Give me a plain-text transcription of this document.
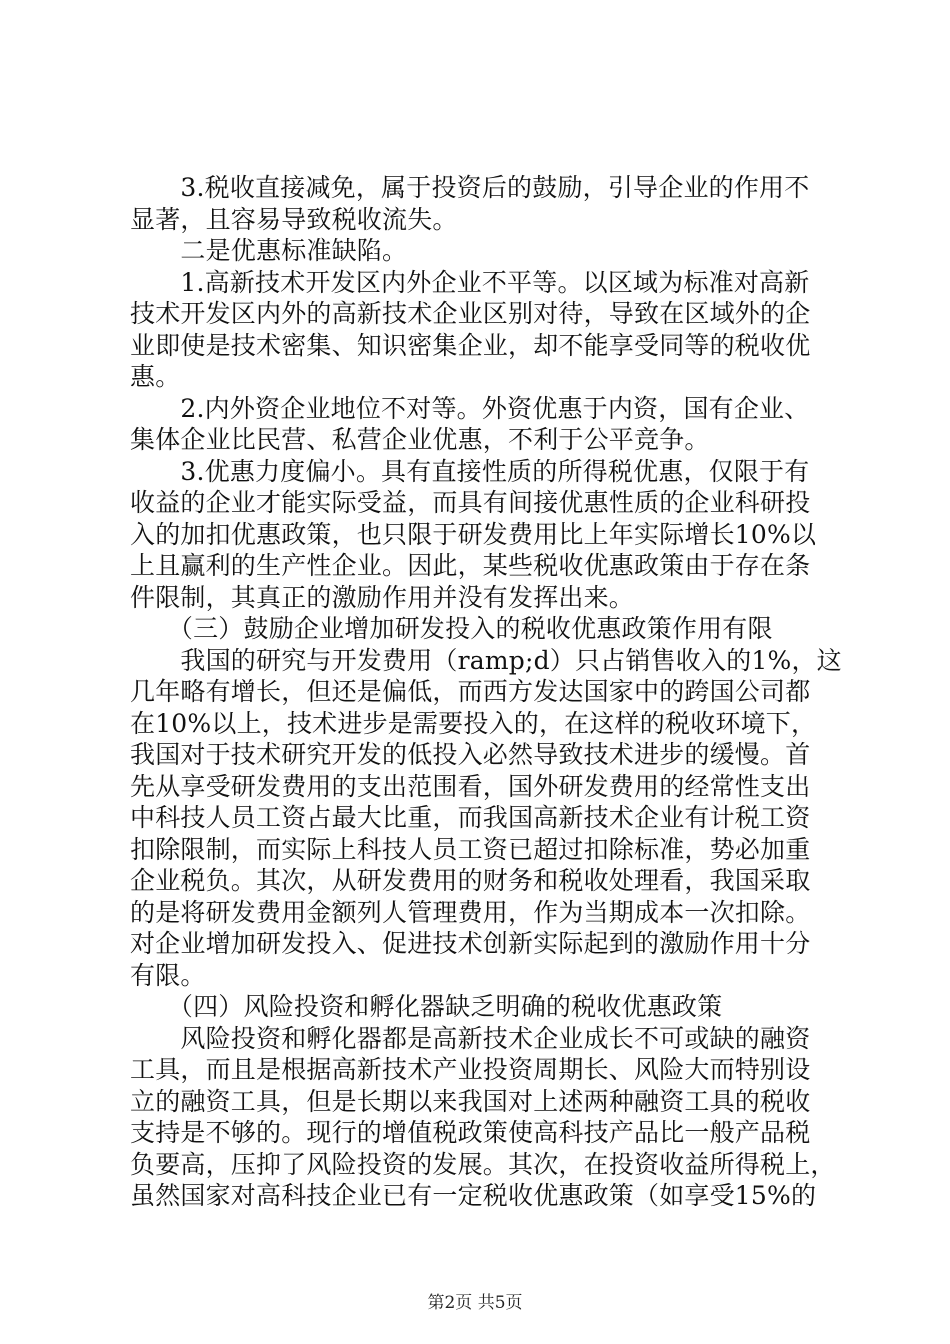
　　3.税收直接减免，属于投资后的鼓励，引导企业的作用不
显著，且容易导致税收流失。
　　二是优惠标准缺陷。
　　1.高新技术开发区内外企业不平等。以区域为标准对高新
技术开发区内外的高新技术企业区别对待，导致在区域外的企
业即使是技术密集、知识密集企业，却不能享受同等的税收优
惠。
　　2.内外资企业地位不对等。外资优惠于内资，国有企业、
集体企业比民营、私营企业优惠，不利于公平竞争。
　　3.优惠力度偏小。具有直接性质的所得税优惠，仅限于有
收益的企业才能实际受益，而具有间接优惠性质的企业科研投
入的加扣优惠政策，也只限于研发费用比上年实际增长10%以
上且赢利的生产性企业。因此，某些税收优惠政策由于存在条
件限制，其真正的激励作用并没有发挥出来。
　　（三）鼓励企业增加研发投入的税收优惠政策作用有限
　　我国的研究与开发费用（ramp;d）只占销售收入的1%，这
几年略有增长，但还是偏低，而西方发达国家中的跨国公司都
在10%以上，技术进步是需要投入的，在这样的税收环境下，
我国对于技术研究开发的低投入必然导致技术进步的缓慢。首
先从享受研发费用的支出范围看，国外研发费用的经常性支出
中科技人员工资占最大比重，而我国高新技术企业有计税工资
扣除限制，而实际上科技人员工资已超过扣除标准，势必加重
企业税负。其次，从研发费用的财务和税收处理看，我国采取
的是将研发费用金额列人管理费用，作为当期成本一次扣除。
对企业增加研发投入、促进技术创新实际起到的激励作用十分
有限。
　　（四）风险投资和孵化器缺乏明确的税收优惠政策
　　风险投资和孵化器都是高新技术企业成长不可或缺的融资
工具，而且是根据高新技术产业投资周期长、风险大而特别设
立的融资工具，但是长期以来我国对上述两种融资工具的税收
支持是不够的。现行的增值税政策使高科技产品比一般产品税
负要高，压抑了风险投资的发展。其次，在投资收益所得税上，
虽然国家对高科技企业已有一定税收优惠政策（如享受15%的
第2页 共5页
